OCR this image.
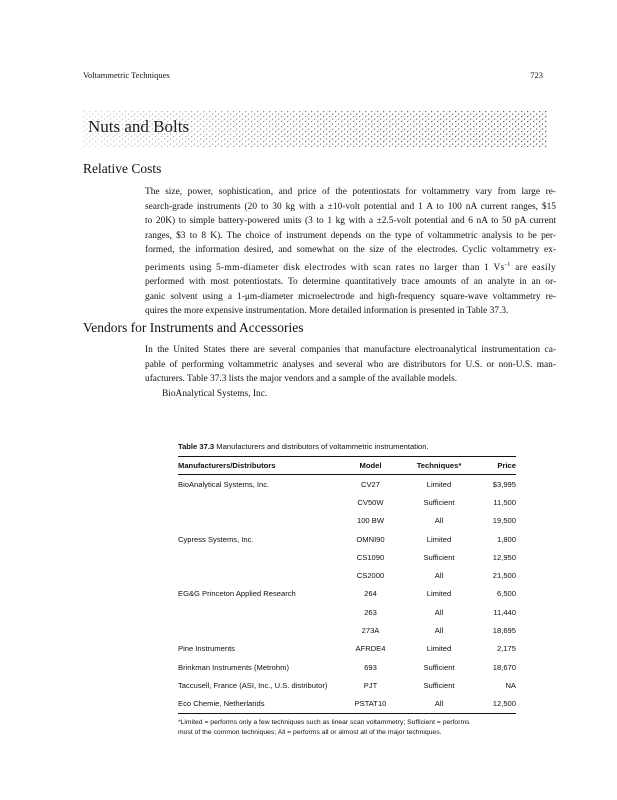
Voltammetric Techniques	723
Nuts and Bolts
Relative Costs
The size, power, sophistication, and price of the potentiostats for voltammetry vary from large re-
search-grade instruments (20 to 30 kg with a ±10-volt potential and 1 A to 100 nA current ranges, $15
to 20K) to simple battery-powered units (3 to 1 kg with a ±2.5-volt potential and 6 nA to 50 pA current
ranges, $3 to 8 K). The choice of instrument depends on the type of voltammetric analysis to be per-
formed, the information desired, and somewhat on the size of the electrodes. Cyclic voltammetry ex-
periments using 5-mm-diameter disk electrodes with scan rates no larger than 1 $Vs^{-1}$ are easily
performed with most potentiostats. To determine quantitatively trace amounts of an analyte in an or-
ganic solvent using a 1-μm-diameter microelectrode and high-frequency square-wave voltammetry re-
quires the more expensive instrumentation. More detailed information is presented in Table 37.3.
Vendors for Instruments and Accessories
In the United States there are several companies that manufacture electroanalytical instrumentation ca-
pable of performing voltammetric analyses and several who are distributors for U.S. or non-U.S. man-
ufacturers. Table 37.3 lists the major vendors and a sample of the available models.
BioAnalytical Systems, Inc.
Table 37.3 Manufacturers and distributors of voltammetric instrumentation.
Manufacturers/Distributors	Model	Techniques*	Price
BioAnalytical Systems, Inc.	CV27	Limited	$3,995
	CV50W	Sufficient	11,500
	100 BW	All	19,500
Cypress Systems, Inc.	OMNI90	Limited	1,800
	CS1090	Sufficient	12,950
	CS2000	All	21,500
EG&G Princeton Applied Research	264	Limited	6,500
	263	All	11,440
	273A	All	18,695
Pine Instruments	AFRDE4	Limited	2,175
Brinkman Instruments (Metrohm)	693	Sufficient	18,670
Taccusell, France (ASI, Inc., U.S. distributor)	PJT	Sufficient	NA
Eco Chemie, Netherlands	PSTAT10	All	12,500
*Limited = performs only a few techniques such as linear scan voltammetry; Sufficient = performs
most of the common techniques; All = performs all or almost all of the major techniques.
